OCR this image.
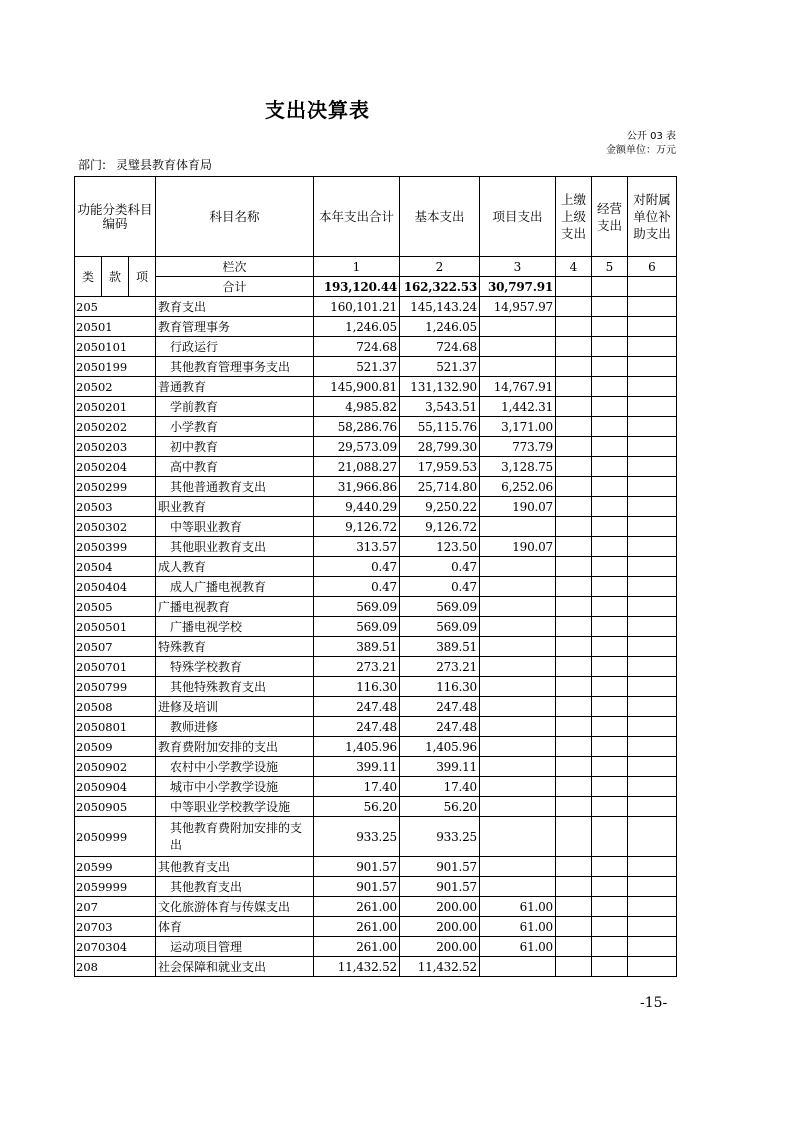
支出决算表
公开 03 表
金额单位：万元
部门: 灵璧县教育体育局
功能分类科目编码			科目名称	本年支出合计	基本支出	项目支出	上缴上级支出	经营支出	对附属单位补助支出
类	款	项	栏次	1	2	3	4	5	6
			合计	193,120.44	162,322.53	30,797.91			
205			教育支出	160,101.21	145,143.24	14,957.97			
20501			教育管理事务	1,246.05	1,246.05				
2050101			行政运行	724.68	724.68				
2050199			其他教育管理事务支出	521.37	521.37				
20502			普通教育	145,900.81	131,132.90	14,767.91			
2050201			学前教育	4,985.82	3,543.51	1,442.31			
2050202			小学教育	58,286.76	55,115.76	3,171.00			
2050203			初中教育	29,573.09	28,799.30	773.79			
2050204			高中教育	21,088.27	17,959.53	3,128.75			
2050299			其他普通教育支出	31,966.86	25,714.80	6,252.06			
20503			职业教育	9,440.29	9,250.22	190.07			
2050302			中等职业教育	9,126.72	9,126.72				
2050399			其他职业教育支出	313.57	123.50	190.07			
20504			成人教育	0.47	0.47				
2050404			成人广播电视教育	0.47	0.47				
20505			广播电视教育	569.09	569.09				
2050501			广播电视学校	569.09	569.09				
20507			特殊教育	389.51	389.51				
2050701			特殊学校教育	273.21	273.21				
2050799			其他特殊教育支出	116.30	116.30				
20508			进修及培训	247.48	247.48				
2050801			教师进修	247.48	247.48				
20509			教育费附加安排的支出	1,405.96	1,405.96				
2050902			农村中小学教学设施	399.11	399.11				
2050904			城市中小学教学设施	17.40	17.40				
2050905			中等职业学校教学设施	56.20	56.20				
2050999			其他教育费附加安排的支出	933.25	933.25				
20599			其他教育支出	901.57	901.57				
2059999			其他教育支出	901.57	901.57				
207			文化旅游体育与传媒支出	261.00	200.00	61.00			
20703			体育	261.00	200.00	61.00			
2070304			运动项目管理	261.00	200.00	61.00			
208			社会保障和就业支出	11,432.52	11,432.52				
-15-
